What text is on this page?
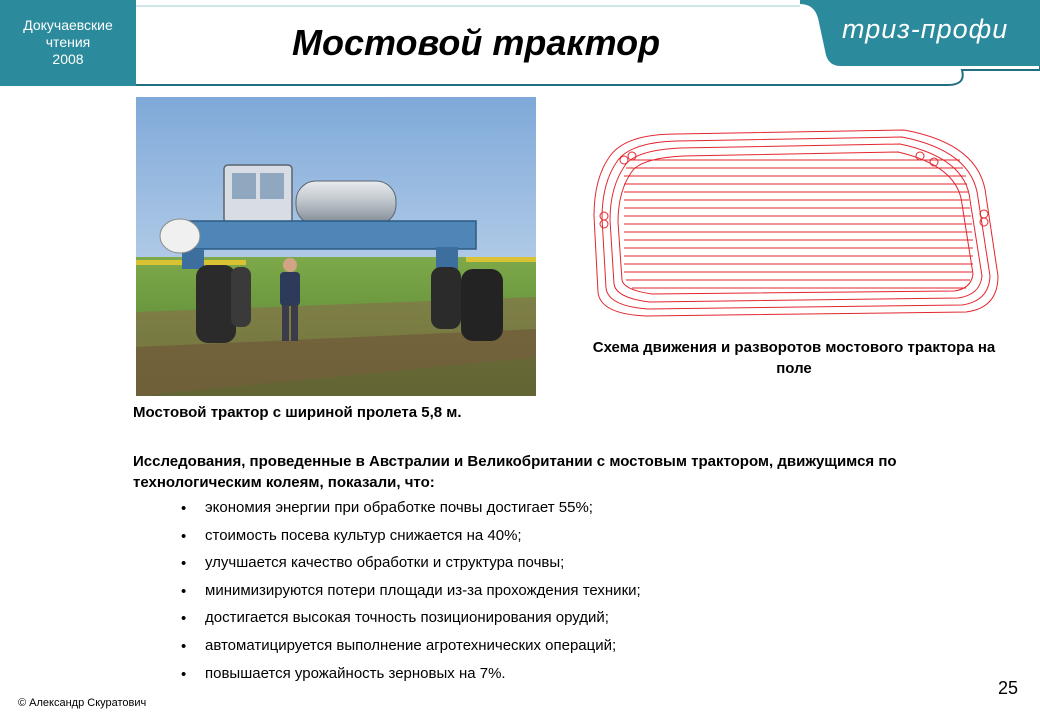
Докучаевские
чтения
2008	Мостовой трактор	триз-профи
Мостовой трактор с шириной пролета 5,8 м.
Схема движения и разворотов мостового трактора на поле
Исследования, проведенные в Австралии и Великобритании с мостовым трактором, движущимся по технологическим колеям, показали, что:
• экономия энергии при обработке почвы достигает 55%;
• стоимость посева культур снижается на 40%;
• улучшается качество обработки и структура почвы;
• минимизируются потери площади из-за прохождения техники;
• достигается высокая точность позиционирования орудий;
• автоматицируется выполнение агротехнических операций;
• повышается урожайность зерновых на 7%.
25
© Александр Скуратович
